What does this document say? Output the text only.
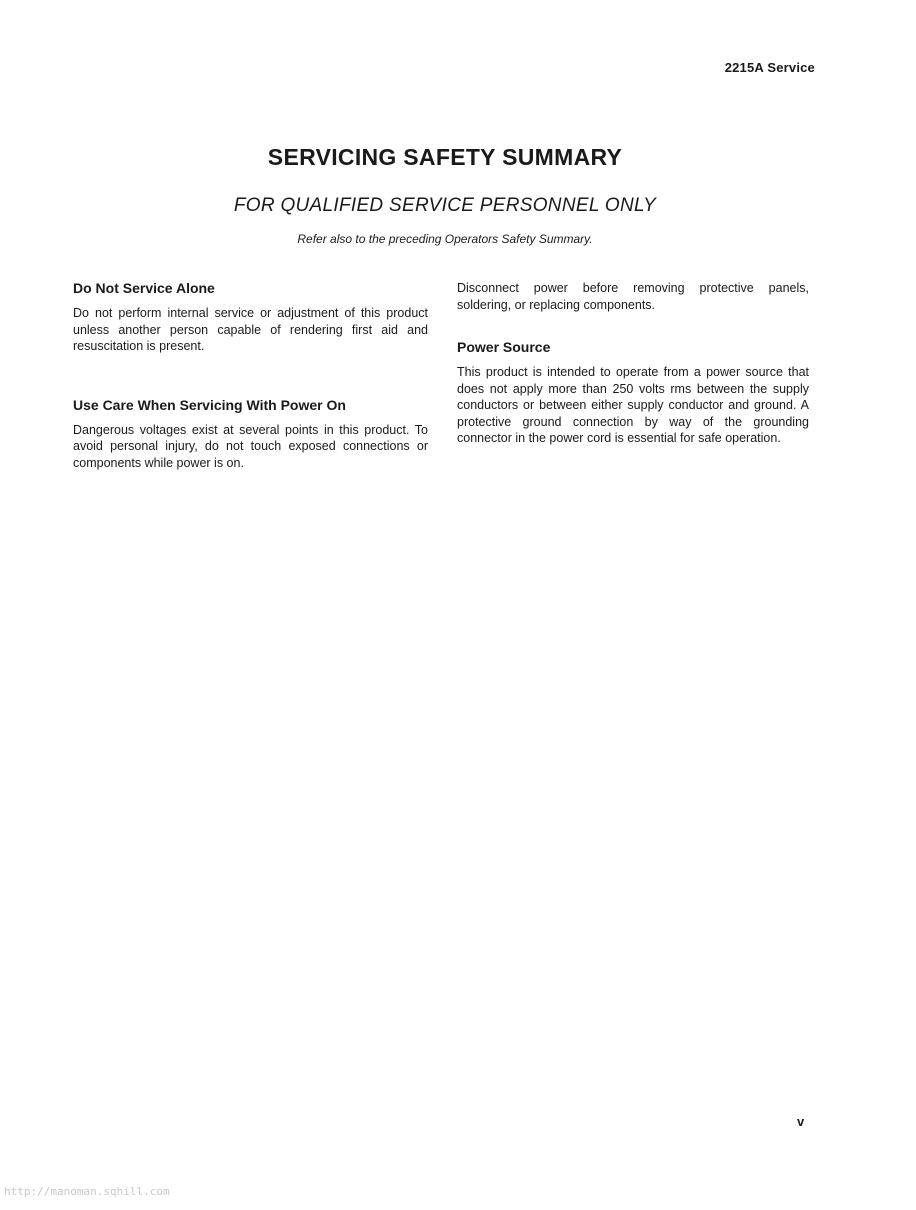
2215A Service
SERVICING SAFETY SUMMARY
FOR QUALIFIED SERVICE PERSONNEL ONLY
Refer also to the preceding Operators Safety Summary.
Do Not Service Alone

Do not perform internal service or adjustment of this product unless another person capable of rendering first aid and resuscitation is present.

Use Care When Servicing With Power On

Dangerous voltages exist at several points in this product. To avoid personal injury, do not touch exposed connections or components while power is on.

Disconnect power before removing protective panels, soldering, or replacing components.

Power Source

This product is intended to operate from a power source that does not apply more than 250 volts rms between the supply conductors or between either supply conductor and ground. A protective ground connection by way of the grounding connector in the power cord is essential for safe operation.

v
http://manoman.sqhill.com
